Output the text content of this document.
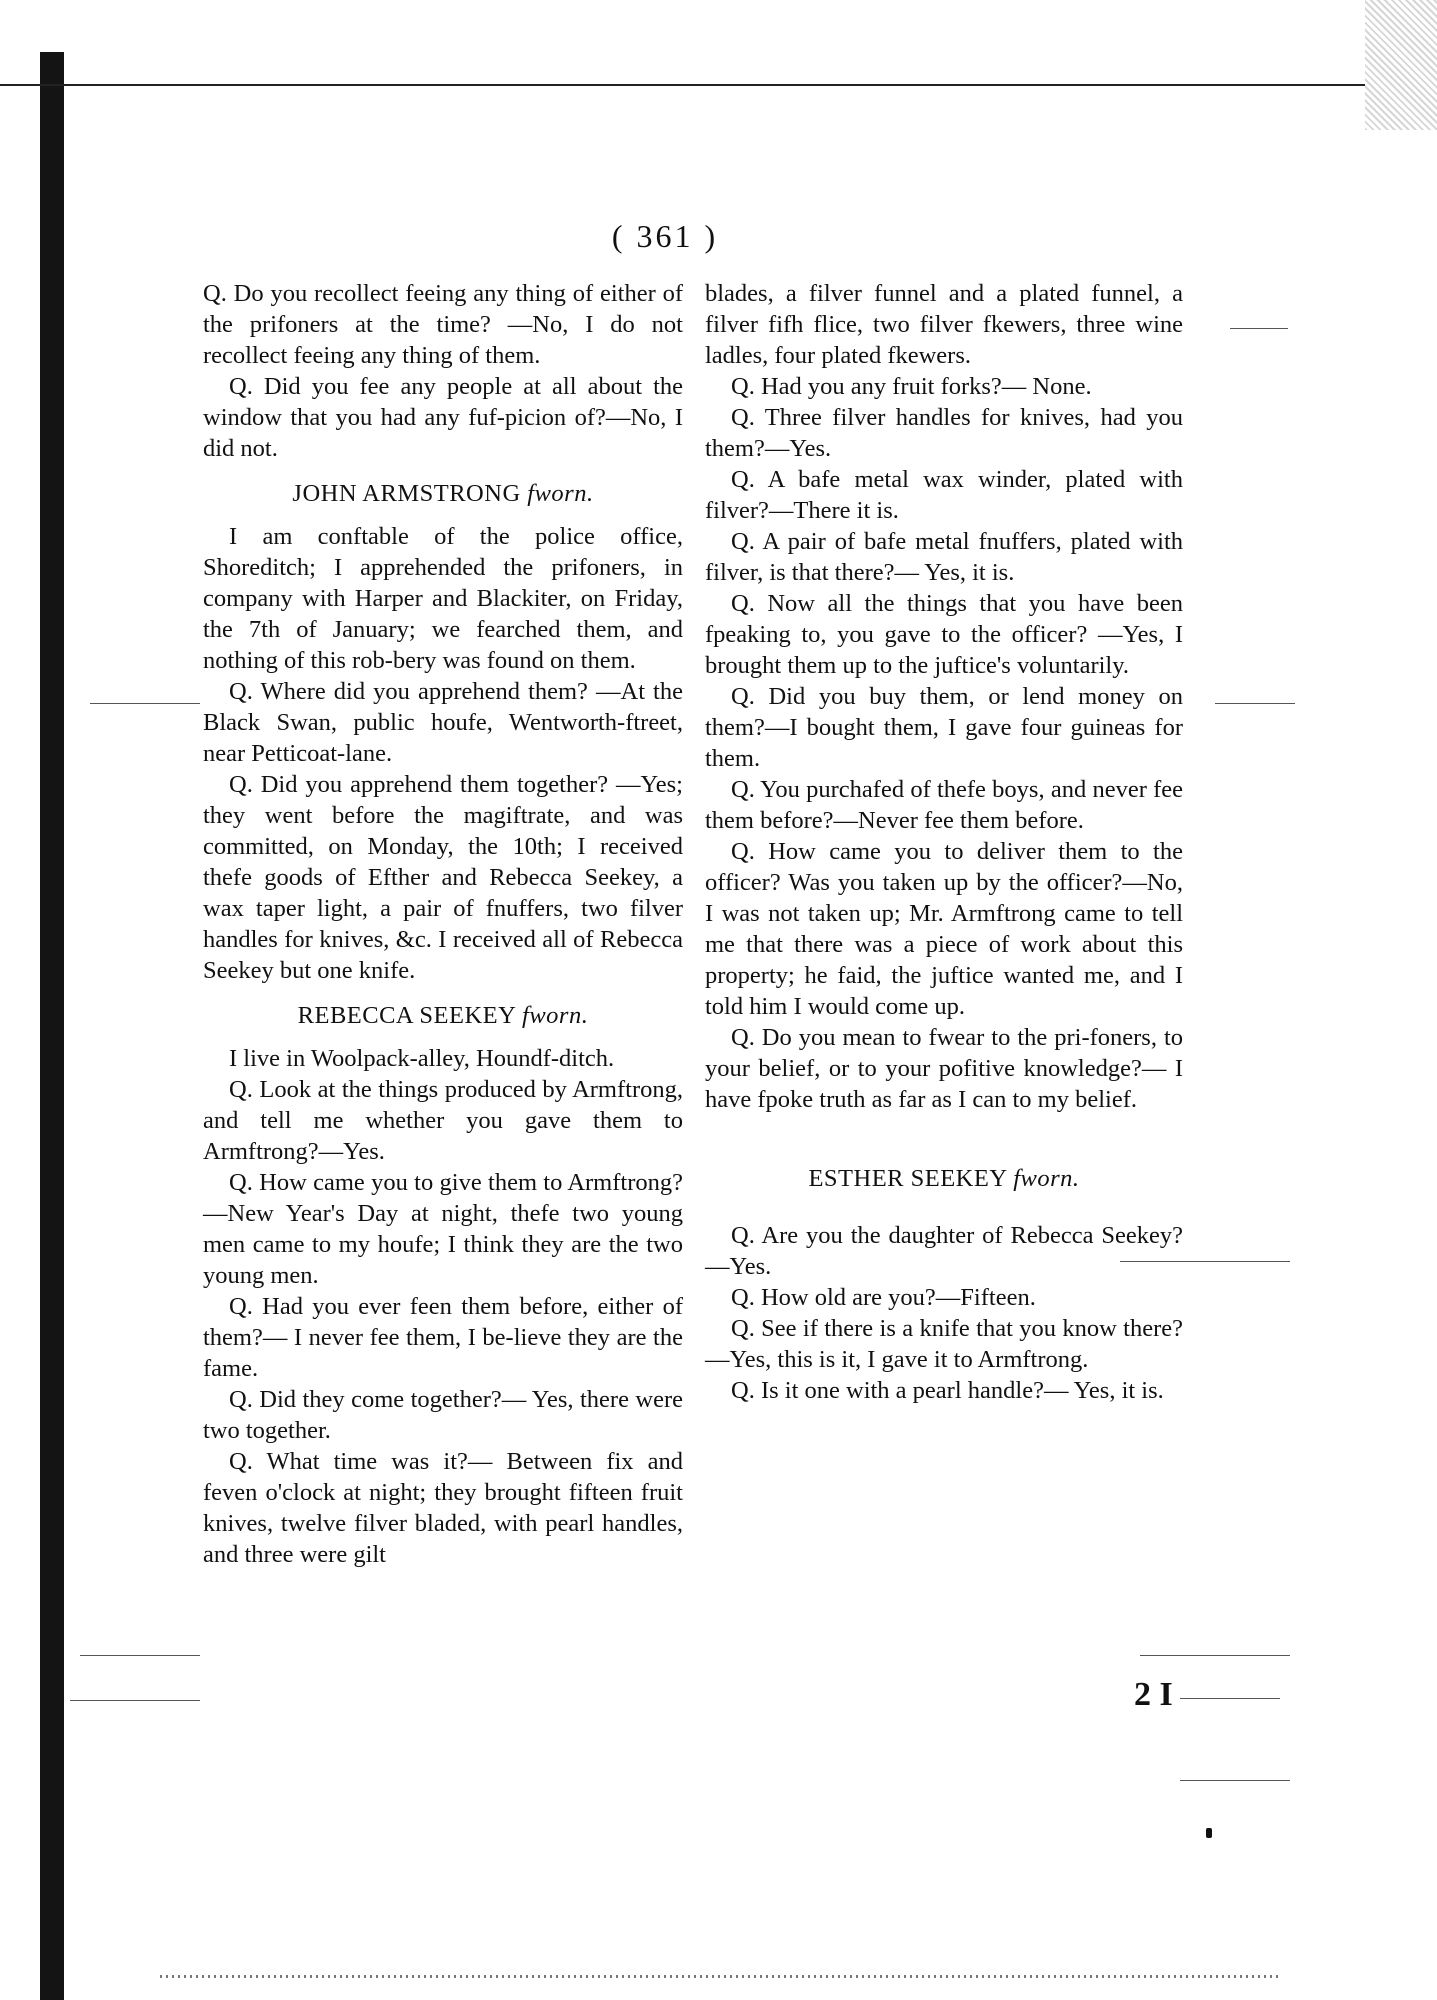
( 361 )

Q. Do you recollect feeing any thing of either of the prifoners at the time? —No, I do not recollect feeing any thing of them.

Q. Did you fee any people at all about the window that you had any fuf-picion of?—No, I did not.

JOHN ARMSTRONG fworn.

I am conftable of the police office, Shoreditch; I apprehended the prifoners, in company with Harper and Blackiter, on Friday, the 7th of January; we fearched them, and nothing of this rob-bery was found on them.

Q. Where did you apprehend them? —At the Black Swan, public houfe, Wentworth-ftreet, near Petticoat-lane.

Q. Did you apprehend them together? —Yes; they went before the magiftrate, and was committed, on Monday, the 10th; I received thefe goods of Efther and Rebecca Seekey, a wax taper light, a pair of fnuffers, two filver handles for knives, &c. I received all of Rebecca Seekey but one knife.

REBECCA SEEKEY fworn.

I live in Woolpack-alley, Houndf-ditch.

Q. Look at the things produced by Armftrong, and tell me whether you gave them to Armftrong?—Yes.

Q. How came you to give them to Armftrong?—New Year's Day at night, thefe two young men came to my houfe; I think they are the two young men.

Q. Had you ever feen them before, either of them?— I never fee them, I be-lieve they are the fame.

Q. Did they come together?— Yes, there were two together.

Q. What time was it?— Between fix and feven o'clock at night; they brought fifteen fruit knives, twelve filver bladed, with pearl handles, and three were gilt

blades, a filver funnel and a plated funnel, a filver fifh flice, two filver fkewers, three wine ladles, four plated fkewers.

Q. Had you any fruit forks?— None.

Q. Three filver handles for knives, had you them?—Yes.

Q. A bafe metal wax winder, plated with filver?—There it is.

Q. A pair of bafe metal fnuffers, plated with filver, is that there?— Yes, it is.

Q. Now all the things that you have been fpeaking to, you gave to the officer? —Yes, I brought them up to the juftice's voluntarily.

Q. Did you buy them, or lend money on them?—I bought them, I gave four guineas for them.

Q. You purchafed of thefe boys, and never fee them before?—Never fee them before.

Q. How came you to deliver them to the officer? Was you taken up by the officer?—No, I was not taken up; Mr. Armftrong came to tell me that there was a piece of work about this property; he faid, the juftice wanted me, and I told him I would come up.

Q. Do you mean to fwear to the pri-foners, to your belief, or to your pofitive knowledge?— I have fpoke truth as far as I can to my belief.

ESTHER SEEKEY fworn.

Q. Are you the daughter of Rebecca Seekey?—Yes.

Q. How old are you?—Fifteen.

Q. See if there is a knife that you know there?—Yes, this is it, I gave it to Armftrong.

Q. Is it one with a pearl handle?— Yes, it is.

2 I
